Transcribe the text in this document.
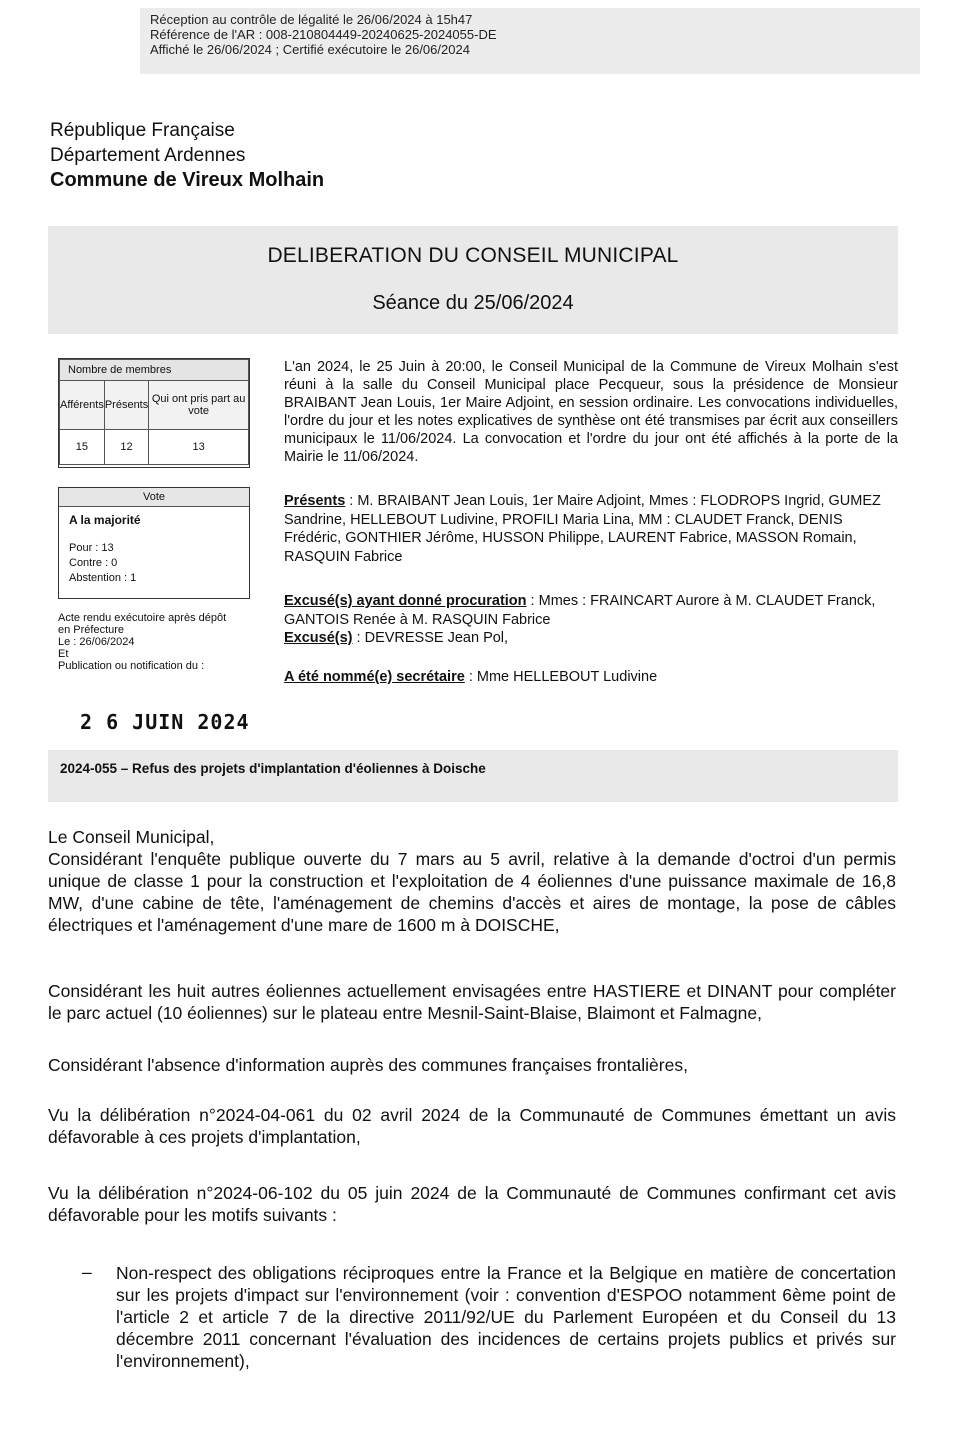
Réception au contrôle de légalité le 26/06/2024 à 15h47
Référence de l'AR : 008-210804449-20240625-2024055-DE
Affiché le 26/06/2024 ; Certifié exécutoire le 26/06/2024
République Française
Département Ardennes
Commune de Vireux Molhain
DELIBERATION DU CONSEIL MUNICIPAL
Séance du 25/06/2024
Nombre de membres		
Afférents	Présents	Qui ont pris part au vote
15	12	13
Vote
A la majorité
Pour : 13
Contre : 0
Abstention : 1
Acte rendu exécutoire après dépôt
en Préfecture
Le : 26/06/2024
Et
Publication ou notification du :
2 6 JUIN 2024
L'an 2024, le 25 Juin à 20:00, le Conseil Municipal de la Commune de Vireux Molhain s'est réuni à la salle du Conseil Municipal place Pecqueur, sous la présidence de Monsieur BRAIBANT Jean Louis, 1er Maire Adjoint, en session ordinaire. Les convocations individuelles, l'ordre du jour et les notes explicatives de synthèse ont été transmises par écrit aux conseillers municipaux le 11/06/2024. La convocation et l'ordre du jour ont été affichés à la porte de la Mairie le 11/06/2024.
Présents : M. BRAIBANT Jean Louis, 1er Maire Adjoint, Mmes : FLODROPS Ingrid, GUMEZ Sandrine, HELLEBOUT Ludivine, PROFILI Maria Lina, MM : CLAUDET Franck, DENIS Frédéric, GONTHIER Jérôme, HUSSON Philippe, LAURENT Fabrice, MASSON Romain, RASQUIN Fabrice
Excusé(s) ayant donné procuration : Mmes : FRAINCART Aurore à M. CLAUDET Franck, GANTOIS Renée à M. RASQUIN Fabrice
Excusé(s) : DEVRESSE Jean Pol,
A été nommé(e) secrétaire : Mme HELLEBOUT Ludivine
2024-055 – Refus des projets d'implantation d'éoliennes à Doische
Le Conseil Municipal,
Considérant l'enquête publique ouverte du 7 mars au 5 avril, relative à la demande d'octroi d'un permis unique de classe 1 pour la construction et l'exploitation de 4 éoliennes d'une puissance maximale de 16,8 MW, d'une cabine de tête, l'aménagement de chemins d'accès et aires de montage, la pose de câbles électriques et l'aménagement d'une mare de 1600 m à DOISCHE,
Considérant les huit autres éoliennes actuellement envisagées entre HASTIERE et DINANT pour compléter le parc actuel (10 éoliennes) sur le plateau entre Mesnil-Saint-Blaise, Blaimont et Falmagne,
Considérant l'absence d'information auprès des communes françaises frontalières,
Vu la délibération n°2024-04-061 du 02 avril 2024 de la Communauté de Communes émettant un avis défavorable à ces projets d'implantation,
Vu la délibération n°2024-06-102 du 05 juin 2024 de la Communauté de Communes confirmant cet avis défavorable pour les motifs suivants :
– Non-respect des obligations réciproques entre la France et la Belgique en matière de concertation sur les projets d'impact sur l'environnement (voir : convention d'ESPOO notamment 6ème point de l'article 2 et article 7 de la directive 2011/92/UE du Parlement Européen et du Conseil du 13 décembre 2011 concernant l'évaluation des incidences de certains projets publics et privés sur l'environnement),
